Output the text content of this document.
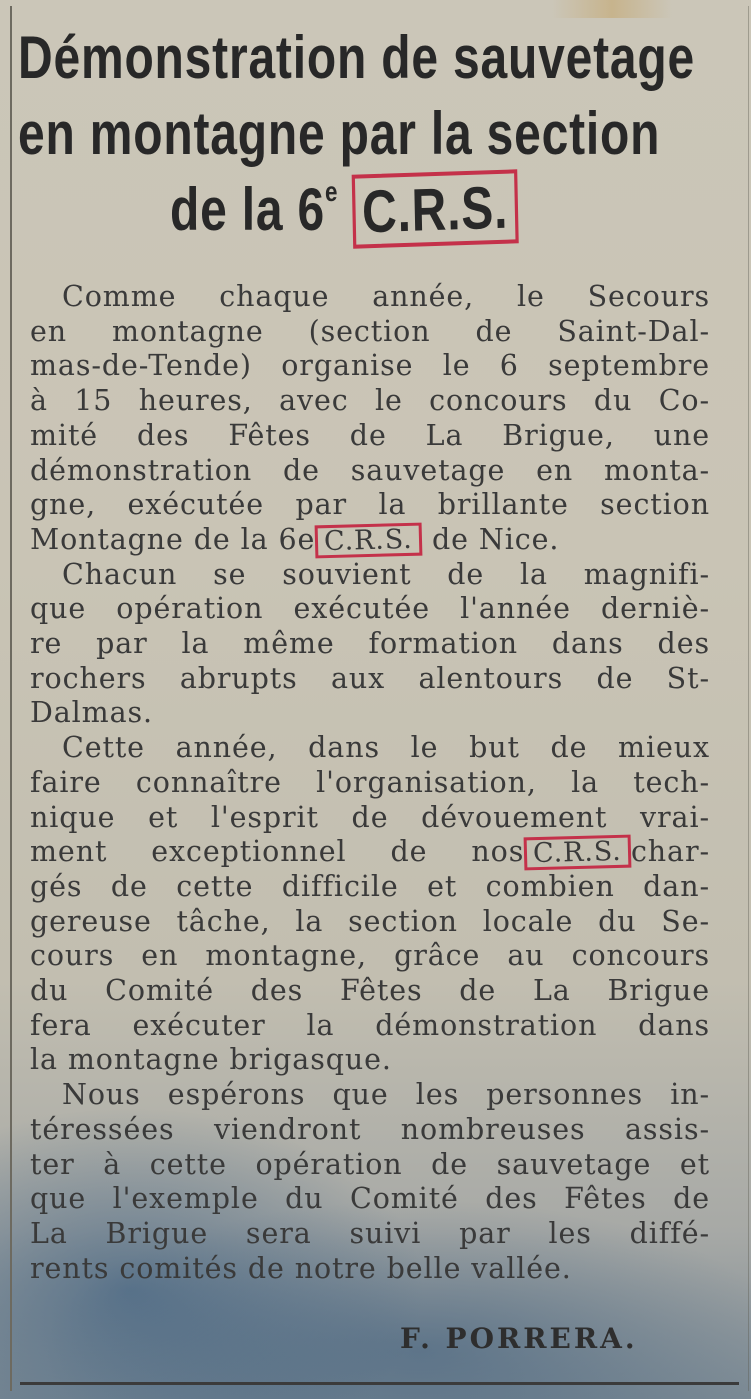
Démonstration de sauvetage
en montagne par la section
de la 6e C.R.S.

Comme chaque année, le Secours
en montagne (section de Saint-Dal-
mas-de-Tende) organise le 6 septembre
à 15 heures, avec le concours du Co-
mité des Fêtes de La Brigue, une
démonstration de sauvetage en monta-
gne, exécutée par la brillante section
Montagne de la 6e C.R.S. de Nice.

Chacun se souvient de la magnifi-
que opération exécutée l'année derniè-
re par la même formation dans des
rochers abrupts aux alentours de St-
Dalmas.

Cette année, dans le but de mieux
faire connaître l'organisation, la tech-
nique et l'esprit de dévouement vrai-
ment exceptionnel de nos C.R.S. char-
gés de cette difficile et combien dan-
gereuse tâche, la section locale du Se-
cours en montagne, grâce au concours
du Comité des Fêtes de La Brigue
fera exécuter la démonstration dans
la montagne brigasque.

Nous espérons que les personnes in-
téressées viendront nombreuses assis-
ter à cette opération de sauvetage et
que l'exemple du Comité des Fêtes de
La Brigue sera suivi par les diffé-
rents comités de notre belle vallée.

F. PORRERA.
